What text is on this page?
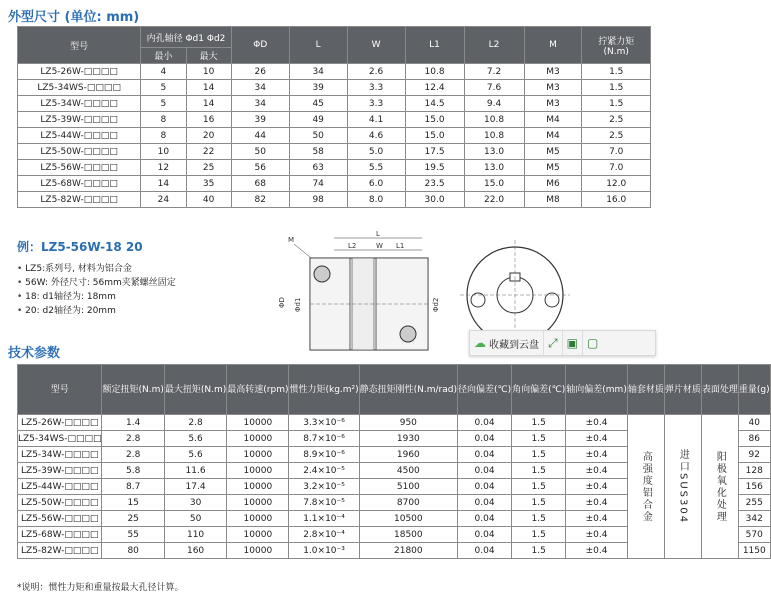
外型尺寸 (单位: mm)
型号	内孔轴径 Φd1 Φd2		ΦD	L	W	L1	L2	M	拧紧力矩
(N.m)

	最小	最大							
LZ5-26W-□□□□	4	10	26	34	2.6	10.8	7.2	M3	1.5
LZ5-34WS-□□□□	5	14	34	39	3.3	12.4	7.6	M3	1.5
LZ5-34W-□□□□	5	14	34	45	3.3	14.5	9.4	M3	1.5
LZ5-39W-□□□□	8	16	39	49	4.1	15.0	10.8	M4	2.5
LZ5-44W-□□□□	8	20	44	50	4.6	15.0	10.8	M4	2.5
LZ5-50W-□□□□	10	22	50	58	5.0	17.5	13.0	M5	7.0
LZ5-56W-□□□□	12	25	56	63	5.5	19.5	13.0	M5	7.0
LZ5-68W-□□□□	14	35	68	74	6.0	23.5	15.0	M6	12.0
LZ5-82W-□□□□	24	40	82	98	8.0	30.0	22.0	M8	16.0
例：LZ5-56W-18 20
• LZ5:系列号, 材料为铝合金
• 56W: 外径尺寸: 56mm夹紧螺丝固定
• 18: d1轴径为: 18mm
• 20: d2轴径为: 20mm
L
L2	W L1
M
ΦD Φd1	Φd2
☁ 收藏到云盘 ⤢ ▣ ▢
技术参数
型号	额定扭矩(N.m)	最大扭矩(N.m)	最高转速(rpm)	惯性力矩(kg.m²)	静态扭矩刚性(N.m/rad)	径向偏差(℃)	角向偏差(℃)	轴向偏差(mm)	轴套材质	弹片材质	表面处理	重量(g)
LZ5-26W-□□□□	1.4	2.8	10000	3.3×10⁻⁶	950	0.04	1.5	±0.4	高强度铝合金	进口SUS304	阳极氧化处理	40
LZ5-34WS-□□□□	2.8	5.6	10000	8.7×10⁻⁶	1930	0.04	1.5	±0.4				86
LZ5-34W-□□□□	2.8	5.6	10000	8.9×10⁻⁶	1960	0.04	1.5	±0.4				92
LZ5-39W-□□□□	5.8	11.6	10000	2.4×10⁻⁵	4500	0.04	1.5	±0.4				128
LZ5-44W-□□□□	8.7	17.4	10000	3.2×10⁻⁵	5100	0.04	1.5	±0.4				156
LZ5-50W-□□□□	15	30	10000	7.8×10⁻⁵	8700	0.04	1.5	±0.4				255
LZ5-56W-□□□□	25	50	10000	1.1×10⁻⁴	10500	0.04	1.5	±0.4				342
LZ5-68W-□□□□	55	110	10000	2.8×10⁻⁴	18500	0.04	1.5	±0.4				570
LZ5-82W-□□□□	80	160	10000	1.0×10⁻³	21800	0.04	1.5	±0.4				1150
*说明：惯性力矩和重量按最大孔径计算。
